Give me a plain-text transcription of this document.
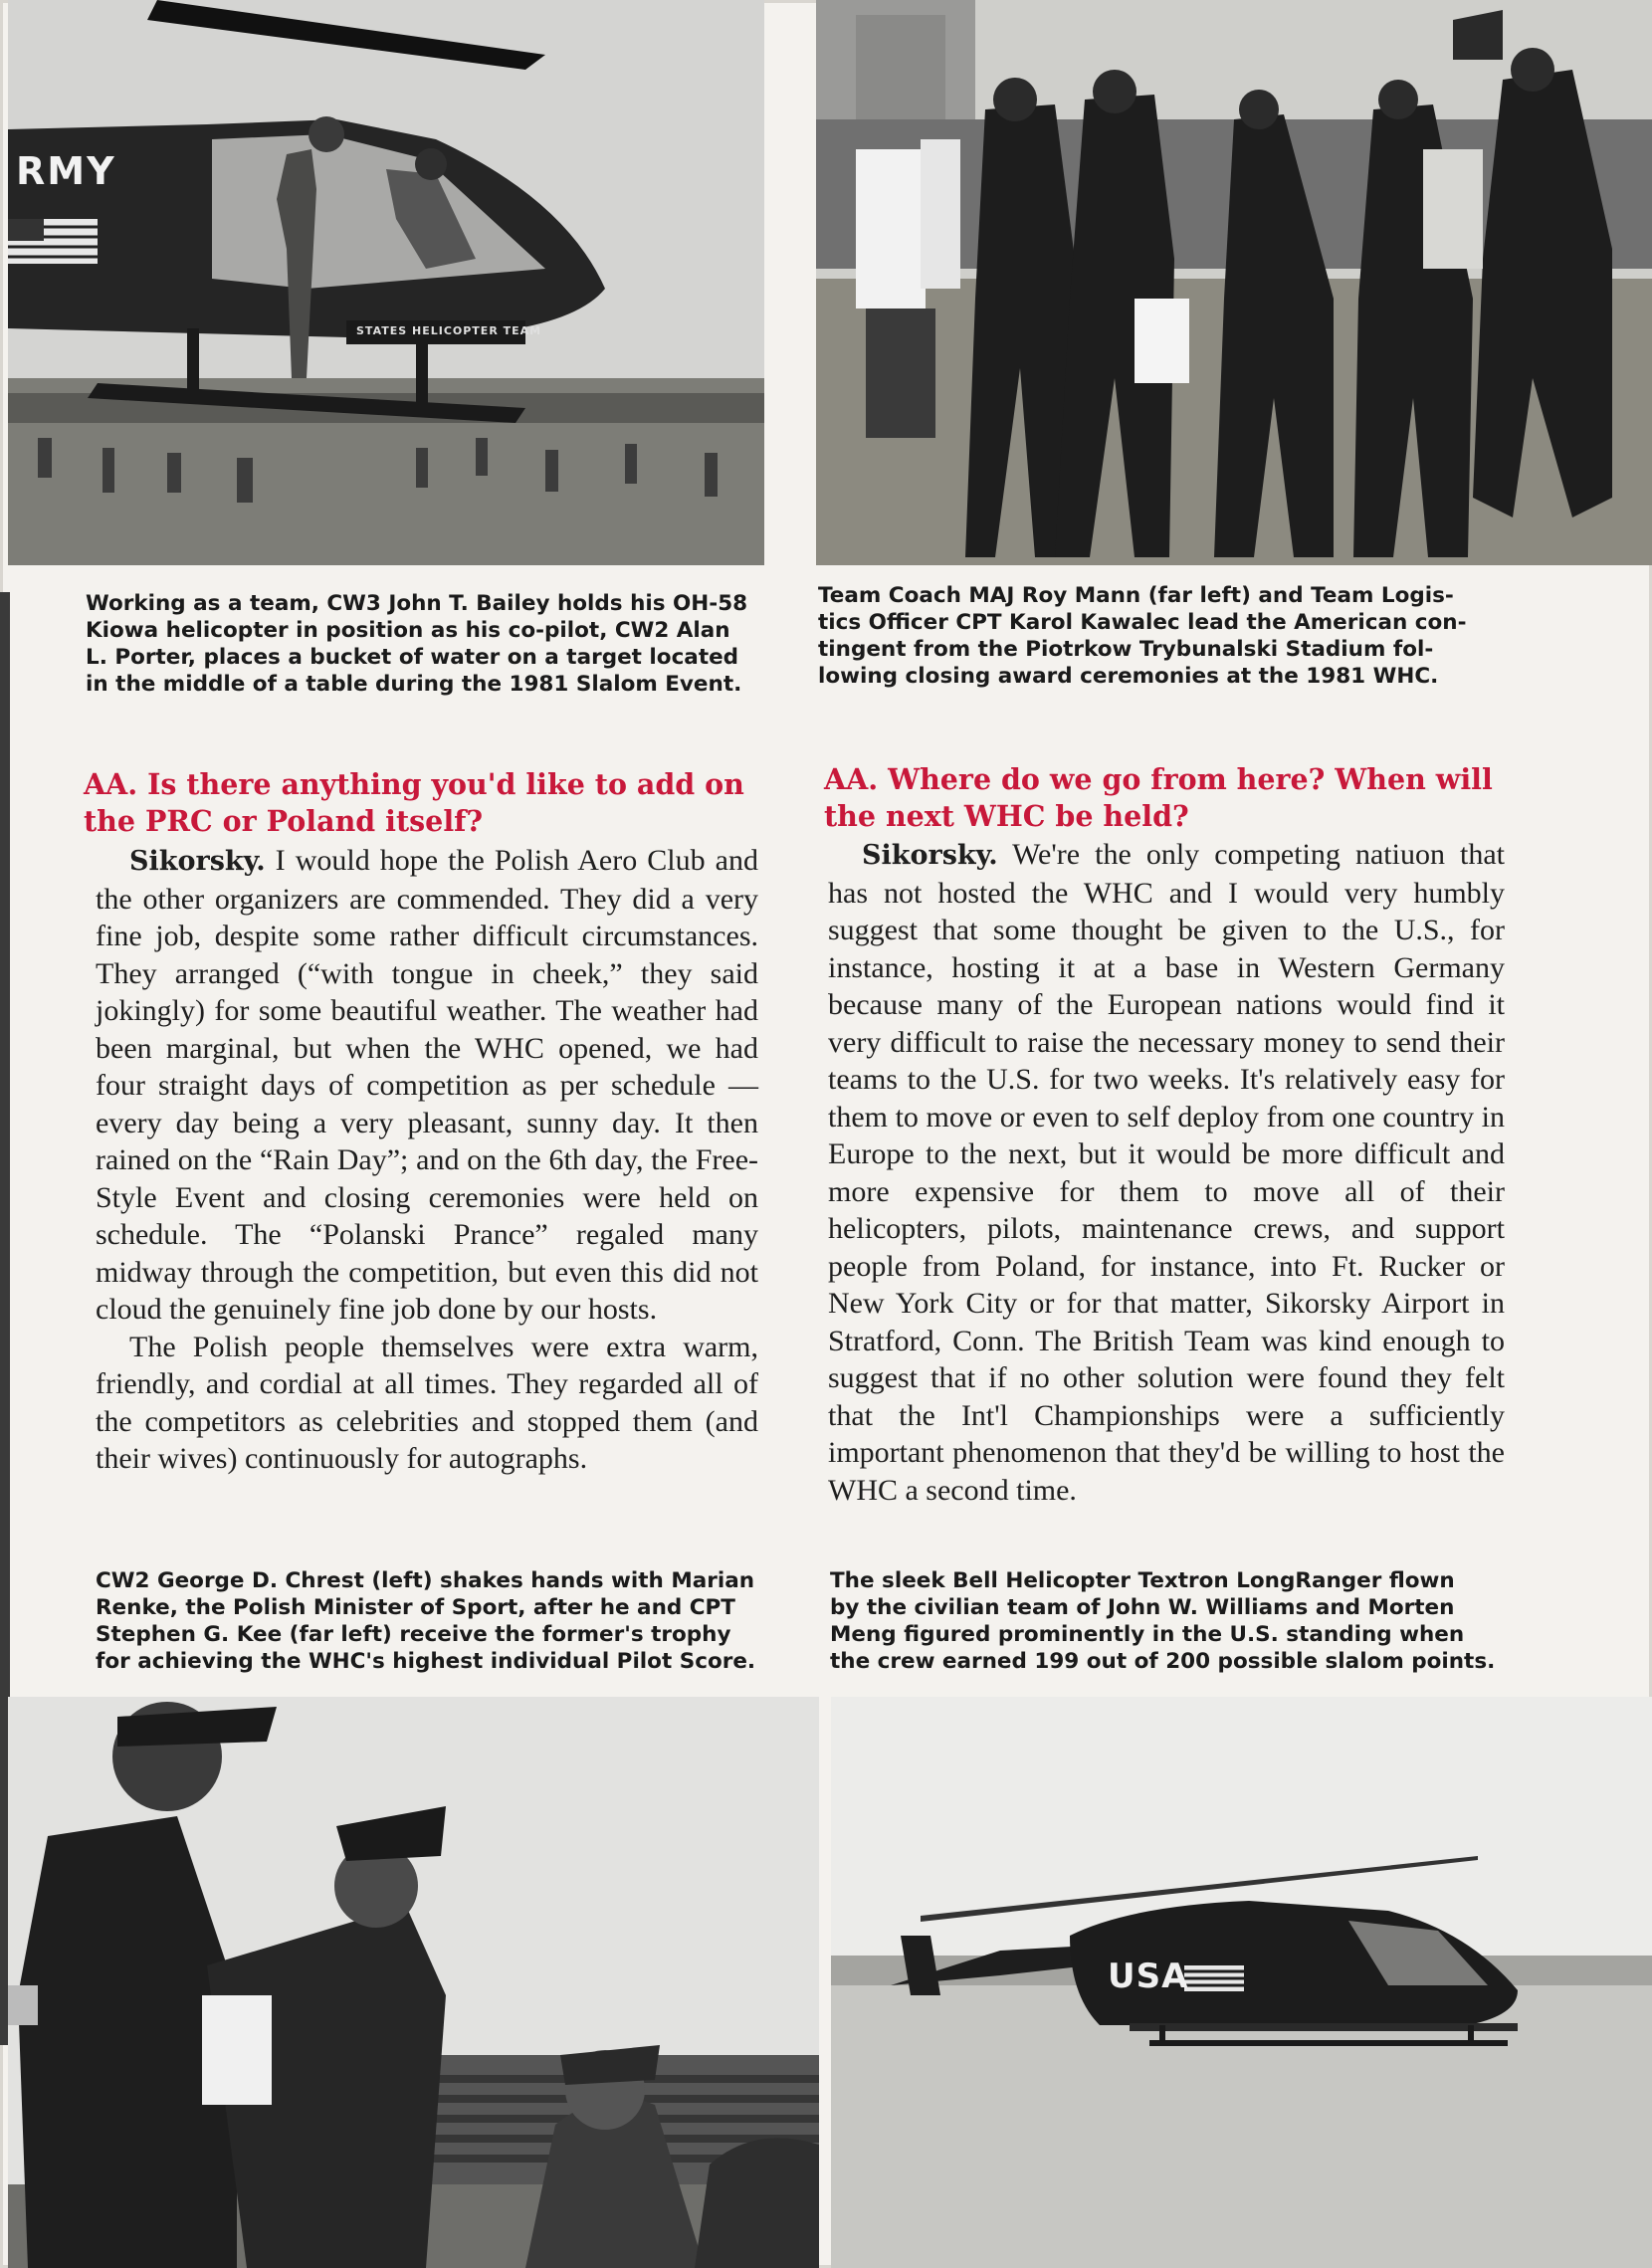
RMY
STATES HELICOPTER TEAM
Working as a team, CW3 John T. Bailey holds his OH-58
Kiowa helicopter in position as his co-pilot, CW2 Alan
L. Porter, places a bucket of water on a target located
in the middle of a table during the 1981 Slalom Event.
Team Coach MAJ Roy Mann (far left) and Team Logis-
tics Officer CPT Karol Kawalec lead the American con-
tingent from the Piotrkow Trybunalski Stadium fol-
lowing closing award ceremonies at the 1981 WHC.
AA. Is there anything you'd like to add on the PRC or Poland itself?

Sikorsky. I would hope the Polish Aero Club and the other organizers are commended. They did a very fine job, despite some rather difficult circumstances. They arranged (“with tongue in cheek,” they said jokingly) for some beautiful weather. The weather had been marginal, but when the WHC opened, we had four straight days of competition as per schedule — every day being a very pleasant, sunny day. It then rained on the “Rain Day”; and on the 6th day, the Free-Style Event and closing ceremonies were held on schedule. The “Polanski Prance” regaled many midway through the competition, but even this did not cloud the genuinely fine job done by our hosts.

The Polish people themselves were extra warm, friendly, and cordial at all times. They regarded all of the competitors as celebrities and stopped them (and their wives) continuously for autographs.

AA. Where do we go from here? When will the next WHC be held?

Sikorsky. We're the only competing natiuon that has not hosted the WHC and I would very humbly suggest that some thought be given to the U.S., for instance, hosting it at a base in Western Germany because many of the European nations would find it very difficult to raise the necessary money to send their teams to the U.S. for two weeks. It's relatively easy for them to move or even to self deploy from one country in Europe to the next, but it would be more difficult and more expensive for them to move all of their helicopters, pilots, maintenance crews, and support people from Poland, for instance, into Ft. Rucker or New York City or for that matter, Sikorsky Airport in Stratford, Conn. The British Team was kind enough to suggest that if no other solution were found they felt that the Int'l Championships were a sufficiently important phenomenon that they'd be willing to host the WHC a second time.

CW2 George D. Chrest (left) shakes hands with Marian
Renke, the Polish Minister of Sport, after he and CPT
Stephen G. Kee (far left) receive the former's trophy
for achieving the WHC's highest individual Pilot Score.
The sleek Bell Helicopter Textron LongRanger flown
by the civilian team of John W. Williams and Morten
Meng figured prominently in the U.S. standing when
the crew earned 199 out of 200 possible slalom points.
USA
